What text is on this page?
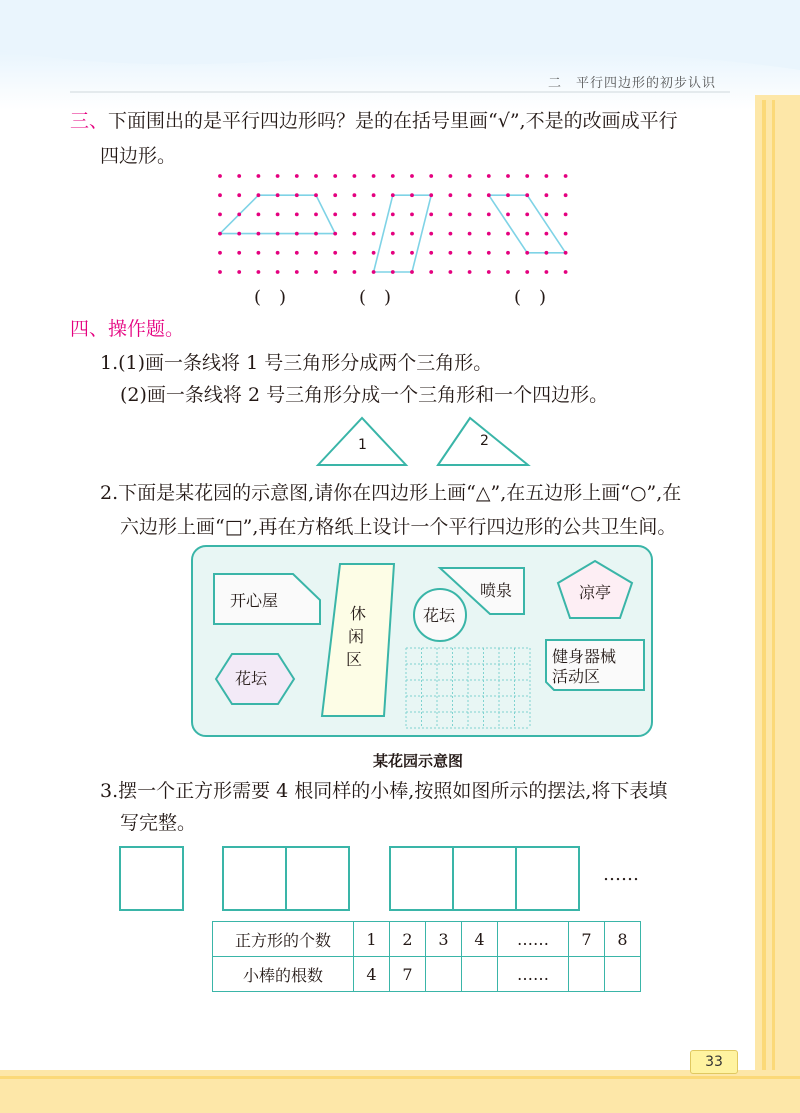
二　平行四边形的初步认识
三、下面围出的是平行四边形吗？是的在括号里画“√”,不是的改画成平行
四边形。
(　)	(　)	(　)
四、操作题。
1.(1)画一条线将 1 号三角形分成两个三角形。
(2)画一条线将 2 号三角形分成一个三角形和一个四边形。
1	2
2.下面是某花园的示意图,请你在四边形上画“△”,在五边形上画“○”,在
六边形上画“□”,再在方格纸上设计一个平行四边形的公共卫生间。
开心屋
休
闲
区
花坛
喷泉	凉亭
花坛
健身器械
活动区
某花园示意图
3.摆一个正方形需要 4 根同样的小棒,按照如图所示的摆法,将下表填
写完整。
……
正方形的个数	1	2	3	4	……	7	8
小棒的根数	4	7			……		
33
